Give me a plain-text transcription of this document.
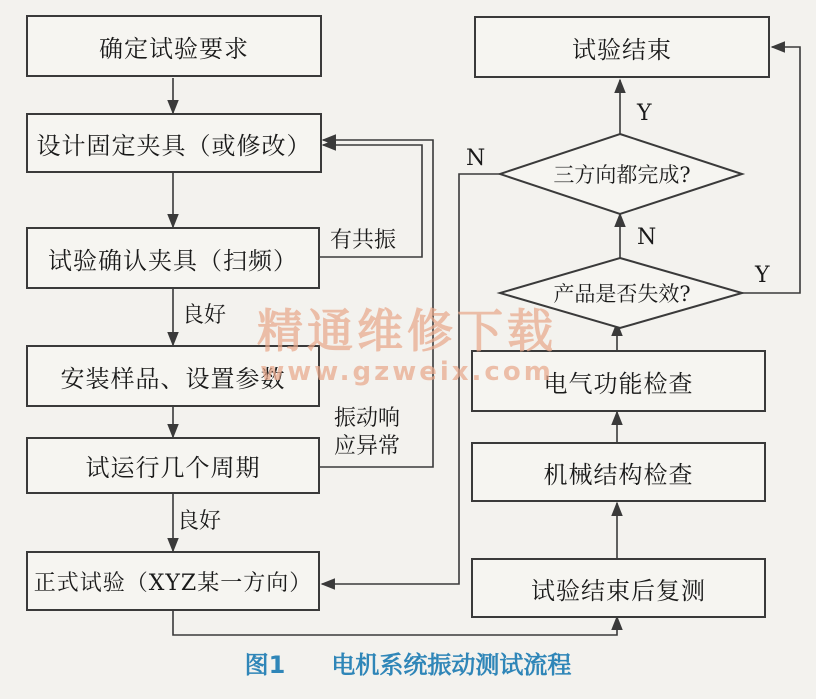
三方向都完成?
产品是否失效?
确定试验要求
设计固定夹具（或修改）
试验确认夹具（扫频）
安装样品、设置参数
试运行几个周期
正式试验（XYZ某一方向）
试验结束
电气功能检查
机械结构检查
试验结束后复测
有共振
良好
振动响
应异常
良好
Y
N
N
Y
精通维修下载
www.gzweix.com
图1 电机系统振动测试流程
